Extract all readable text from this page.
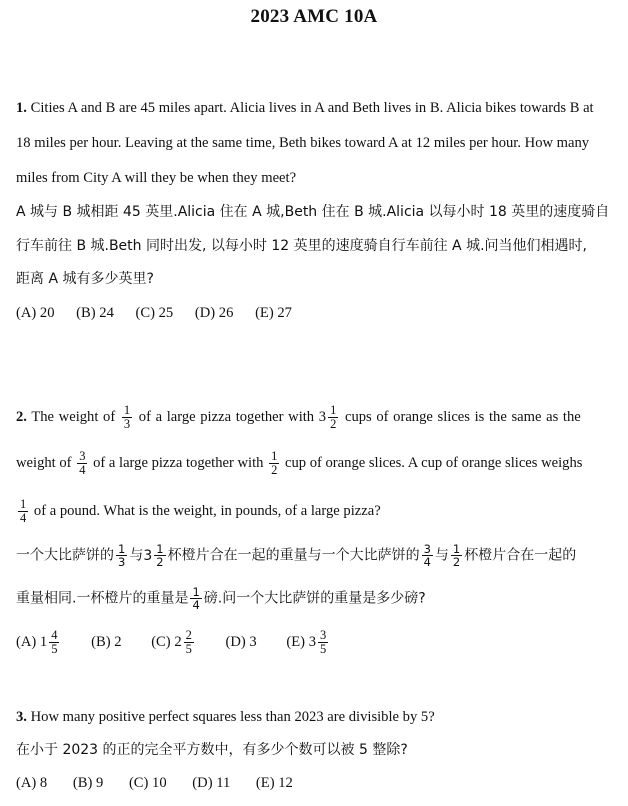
2023 AMC 10A
1. Cities A and B are 45 miles apart. Alicia lives in A and Beth lives in B. Alicia bikes towards B at
18 miles per hour. Leaving at the same time, Beth bikes toward A at 12 miles per hour. How many
miles from City A will they be when they meet?
A 城与 B 城相距 45 英里.Alicia 住在 A 城,Beth 住在 B 城.Alicia 以每小时 18 英里的速度骑自
行车前往 B 城.Beth 同时出发, 以每小时 12 英里的速度骑自行车前往 A 城.问当他们相遇时,
距离 A 城有多少英里?
(A) 20 (B) 24 (C) 25 (D) 26 (E) 27
2. The weight of $\frac{1}{3}$ of a large pizza together with $3 \frac{1}{2}$ cups of orange slices is the same as the
weight of $\frac{3}{4}$ of a large pizza together with $\frac{1}{2}$ cup of orange slices. A cup of orange slices weighs
$\frac{1}{4}$ of a pound. What is the weight, in pounds, of a large pizza?
一个大比萨饼的 $\frac{1}{3}$ 与$3 \frac{1}{2}$ 杯橙片合在一起的重量与一个大比萨饼的 $\frac{3}{4}$ 与 $\frac{1}{2}$ 杯橙片合在一起的
重量相同.一杯橙片的重量是 $\frac{1}{4}$ 磅.问一个大比萨饼的重量是多少磅?
(A) $1 \frac{4}{5} (B)$ 2 (C) $2 \frac{2}{5} (D)$ 3 (E) $3 \frac{3}{5}$
3. How many positive perfect squares less than 2023 are divisible by 5?
在小于 2023 的正的完全平方数中，有多少个数可以被 5 整除?
(A) 8 (B) 9 (C) 10 (D) 11 (E) 12
